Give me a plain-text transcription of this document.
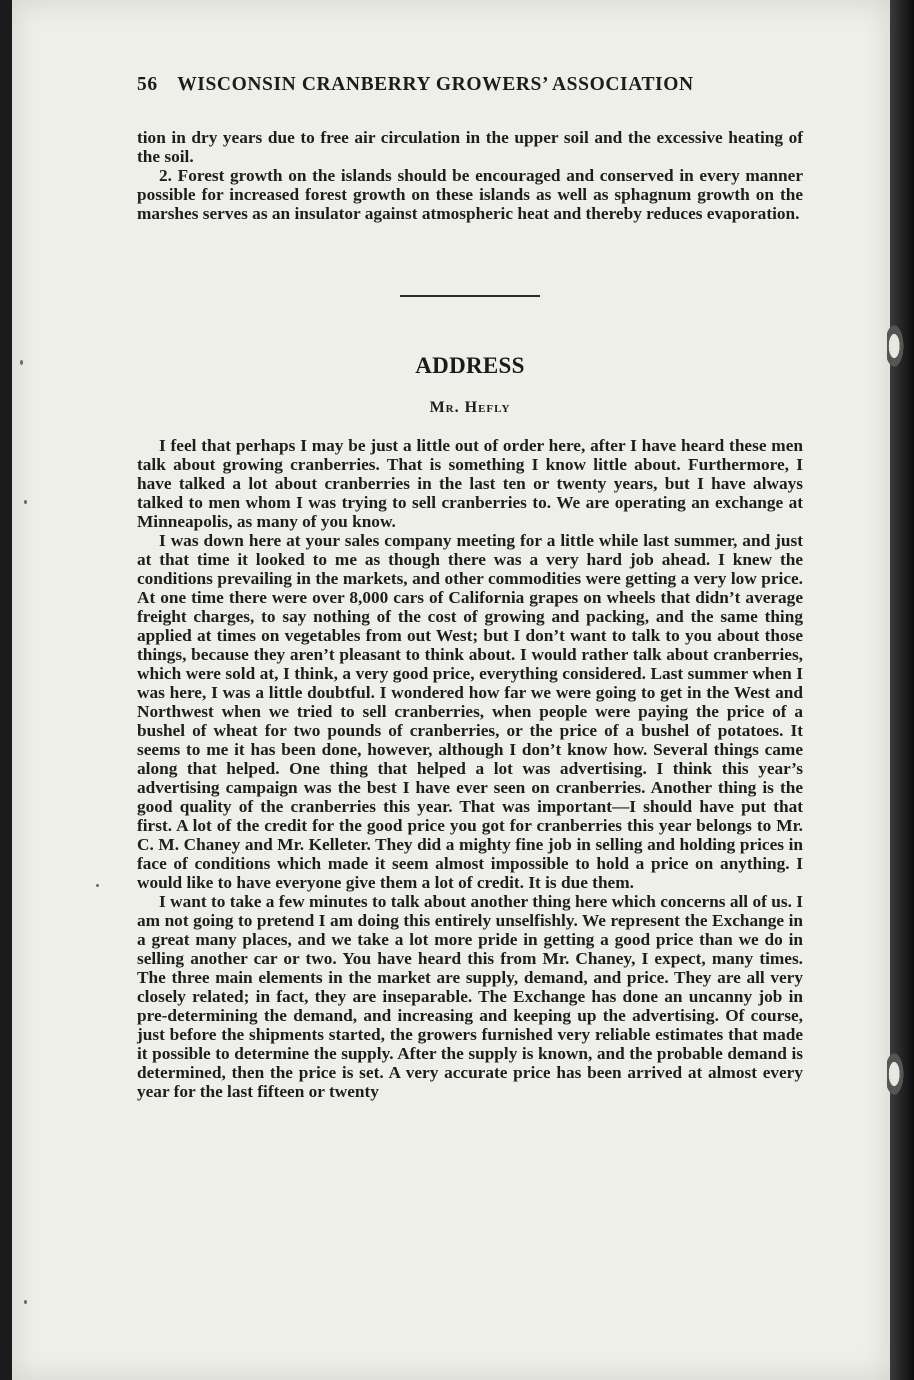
56 WISCONSIN CRANBERRY GROWERS’ ASSOCIATION

tion in dry years due to free air circulation in the upper soil and the excessive heating of the soil.

2. Forest growth on the islands should be encouraged and conserved in every manner possible for increased forest growth on these islands as well as sphagnum growth on the marshes serves as an insulator against atmospheric heat and thereby reduces evaporation.

ADDRESS
Mr. Hefly

I feel that perhaps I may be just a little out of order here, after I have heard these men talk about growing cranberries. That is something I know little about. Furthermore, I have talked a lot about cranberries in the last ten or twenty years, but I have always talked to men whom I was trying to sell cranberries to. We are operating an exchange at Minneapolis, as many of you know.

I was down here at your sales company meeting for a little while last summer, and just at that time it looked to me as though there was a very hard job ahead. I knew the conditions prevailing in the markets, and other commodities were getting a very low price. At one time there were over 8,000 cars of California grapes on wheels that didn’t average freight charges, to say nothing of the cost of growing and packing, and the same thing applied at times on vegetables from out West; but I don’t want to talk to you about those things, because they aren’t pleasant to think about. I would rather talk about cranberries, which were sold at, I think, a very good price, everything considered. Last summer when I was here, I was a little doubtful. I wondered how far we were going to get in the West and Northwest when we tried to sell cranberries, when people were paying the price of a bushel of wheat for two pounds of cranberries, or the price of a bushel of potatoes. It seems to me it has been done, however, although I don’t know how. Several things came along that helped. One thing that helped a lot was advertising. I think this year’s advertising campaign was the best I have ever seen on cranberries. Another thing is the good quality of the cranberries this year. That was important—I should have put that first. A lot of the credit for the good price you got for cranberries this year belongs to Mr. C. M. Chaney and Mr. Kelleter. They did a mighty fine job in selling and holding prices in face of conditions which made it seem almost impossible to hold a price on anything. I would like to have everyone give them a lot of credit. It is due them.

I want to take a few minutes to talk about another thing here which concerns all of us. I am not going to pretend I am doing this entirely unselfishly. We represent the Exchange in a great many places, and we take a lot more pride in getting a good price than we do in selling another car or two. You have heard this from Mr. Chaney, I expect, many times. The three main elements in the market are supply, demand, and price. They are all very closely related; in fact, they are inseparable. The Exchange has done an uncanny job in pre-determining the demand, and increasing and keeping up the advertising. Of course, just before the shipments started, the growers furnished very reliable estimates that made it possible to determine the supply. After the supply is known, and the probable demand is determined, then the price is set. A very accurate price has been arrived at almost every year for the last fifteen or twenty
